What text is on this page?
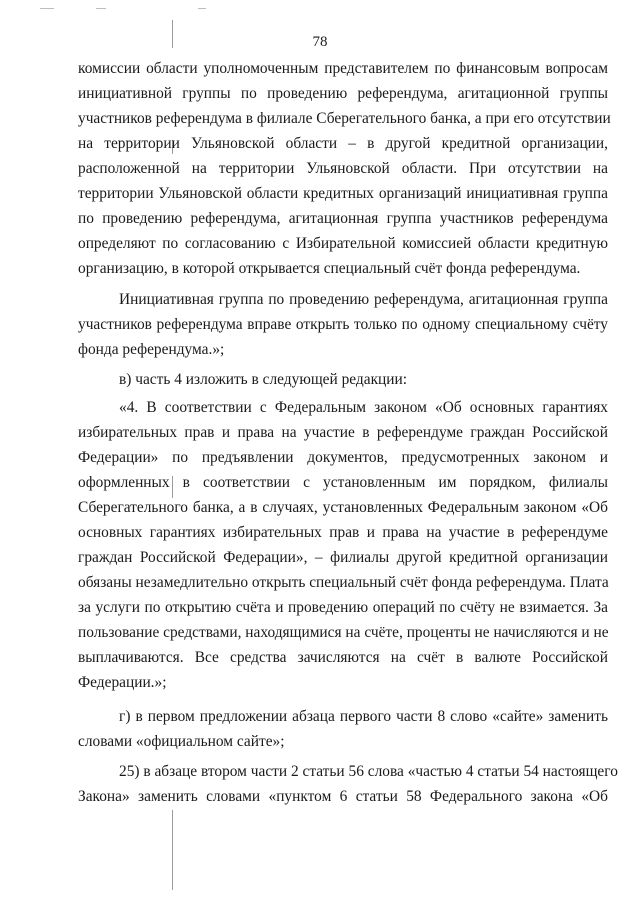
78
комиссии области уполномоченным представителем по финансовым вопросам
инициативной группы по проведению референдума, агитационной группы
участников референдума в филиале Сберегательного банка, а при его отсутствии
на территории Ульяновской области – в другой кредитной организации,
расположенной на территории Ульяновской области. При отсутствии на
территории Ульяновской области кредитных организаций инициативная группа
по проведению референдума, агитационная группа участников референдума
определяют по согласованию с Избирательной комиссией области кредитную
организацию, в которой открывается специальный счёт фонда референдума.
Инициативная группа по проведению референдума, агитационная группа
участников референдума вправе открыть только по одному специальному счёту
фонда референдума.»;
в) часть 4 изложить в следующей редакции:
«4. В соответствии с Федеральным законом «Об основных гарантиях
избирательных прав и права на участие в референдуме граждан Российской
Федерации» по предъявлении документов, предусмотренных законом и
оформленных в соответствии с установленным им порядком, филиалы
Сберегательного банка, а в случаях, установленных Федеральным законом «Об
основных гарантиях избирательных прав и права на участие в референдуме
граждан Российской Федерации», – филиалы другой кредитной организации
обязаны незамедлительно открыть специальный счёт фонда референдума. Плата
за услуги по открытию счёта и проведению операций по счёту не взимается. За
пользование средствами, находящимися на счёте, проценты не начисляются и не
выплачиваются. Все средства зачисляются на счёт в валюте Российской
Федерации.»;
г) в первом предложении абзаца первого части 8 слово «сайте» заменить
словами «официальном сайте»;
25) в абзаце втором части 2 статьи 56 слова «частью 4 статьи 54 настоящего
Закона» заменить словами «пунктом 6 статьи 58 Федерального закона «Об
